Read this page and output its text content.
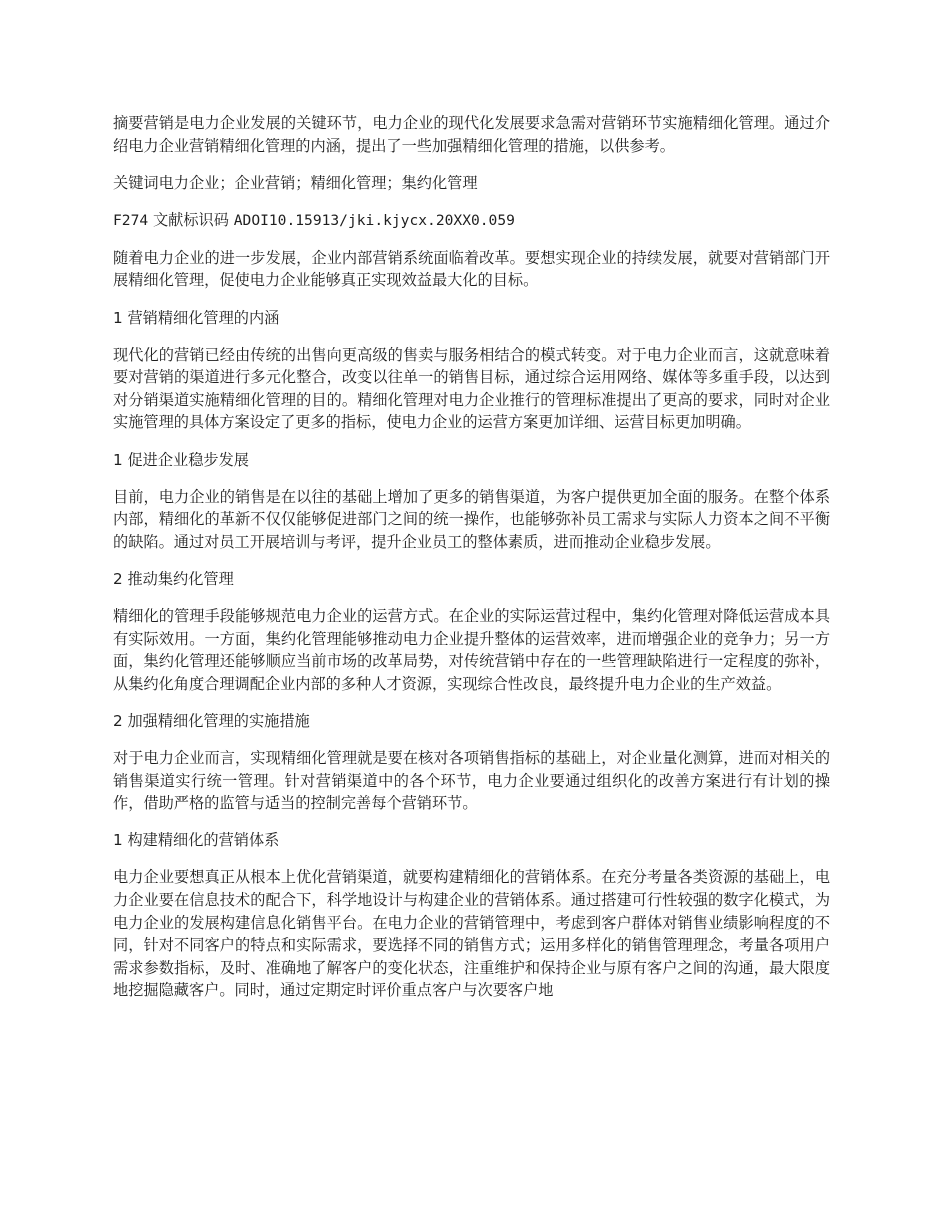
摘要营销是电力企业发展的关键环节，电力企业的现代化发展要求急需对营销环节实施精细化管理。通过介绍电力企业营销精细化管理的内涵，提出了一些加强精细化管理的措施，以供参考。

关键词电力企业；企业营销；精细化管理；集约化管理

F274 文献标识码 ADOI10.15913/jki.kjycx.20XX0.059

随着电力企业的进一步发展，企业内部营销系统面临着改革。要想实现企业的持续发展，就要对营销部门开展精细化管理，促使电力企业能够真正实现效益最大化的目标。

1 营销精细化管理的内涵

现代化的营销已经由传统的出售向更高级的售卖与服务相结合的模式转变。对于电力企业而言，这就意味着要对营销的渠道进行多元化整合，改变以往单一的销售目标，通过综合运用网络、媒体等多重手段，以达到对分销渠道实施精细化管理的目的。精细化管理对电力企业推行的管理标准提出了更高的要求，同时对企业实施管理的具体方案设定了更多的指标，使电力企业的运营方案更加详细、运营目标更加明确。

1 促进企业稳步发展

目前，电力企业的销售是在以往的基础上增加了更多的销售渠道，为客户提供更加全面的服务。在整个体系内部，精细化的革新不仅仅能够促进部门之间的统一操作，也能够弥补员工需求与实际人力资本之间不平衡的缺陷。通过对员工开展培训与考评，提升企业员工的整体素质，进而推动企业稳步发展。

2 推动集约化管理

精细化的管理手段能够规范电力企业的运营方式。在企业的实际运营过程中，集约化管理对降低运营成本具有实际效用。一方面，集约化管理能够推动电力企业提升整体的运营效率，进而增强企业的竞争力；另一方面，集约化管理还能够顺应当前市场的改革局势，对传统营销中存在的一些管理缺陷进行一定程度的弥补，从集约化角度合理调配企业内部的多种人才资源，实现综合性改良，最终提升电力企业的生产效益。

2 加强精细化管理的实施措施

对于电力企业而言，实现精细化管理就是要在核对各项销售指标的基础上，对企业量化测算，进而对相关的销售渠道实行统一管理。针对营销渠道中的各个环节，电力企业要通过组织化的改善方案进行有计划的操作，借助严格的监管与适当的控制完善每个营销环节。

1 构建精细化的营销体系

电力企业要想真正从根本上优化营销渠道，就要构建精细化的营销体系。在充分考量各类资源的基础上，电力企业要在信息技术的配合下，科学地设计与构建企业的营销体系。通过搭建可行性较强的数字化模式，为电力企业的发展构建信息化销售平台。在电力企业的营销管理中，考虑到客户群体对销售业绩影响程度的不同，针对不同客户的特点和实际需求，要选择不同的销售方式；运用多样化的销售管理理念，考量各项用户需求参数指标，及时、准确地了解客户的变化状态，注重维护和保持企业与原有客户之间的沟通，最大限度地挖掘隐藏客户。同时，通过定期定时评价重点客户与次要客户地
